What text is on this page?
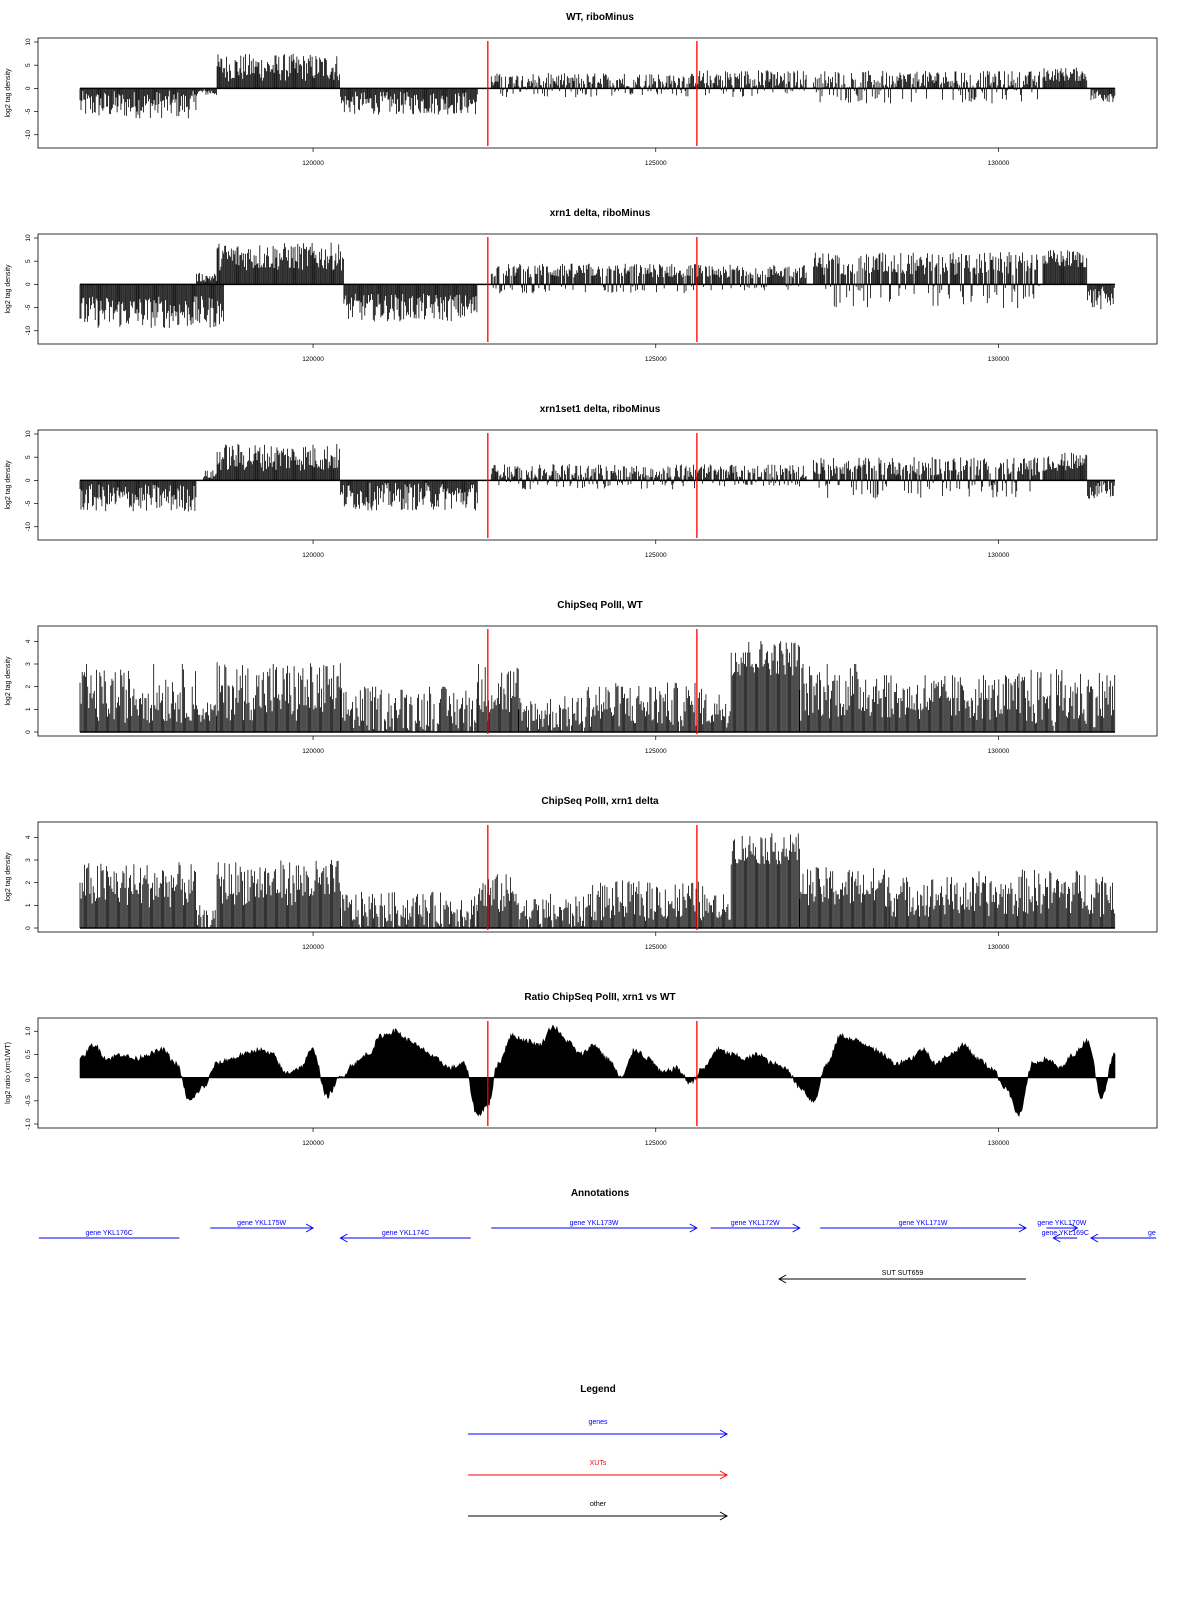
WT, riboMinus
log2 tag density
-10
-5
0
5
10
120000	125000	130000
xrn1 delta, riboMinus
log2 tag density
-10
-5
0
5
10
120000	125000	130000
xrn1set1 delta, riboMinus
log2 tag density
-10
-5
0
5
10
120000	125000	130000
ChipSeq PolII, WT
log2 tag density
0
1
2
3
4
120000	125000	130000
ChipSeq PolII, xrn1 delta
log2 tag density
0
1
2
3
4
120000	125000	130000
Ratio ChipSeq PolII, xrn1 vs WT
log2 ratio (xrn1/WT)
-1.0
-0.5
0.0
0.5
1.0
120000	125000	130000
Annotations
gene YKL176C
gene YKL175W
gene YKL174C
gene YKL173W	gene YKL172W	gene YKL171W	gene YKL170W
gene YKL169C	ge
SUT SUT659
Legend
genes
XUTs
other
